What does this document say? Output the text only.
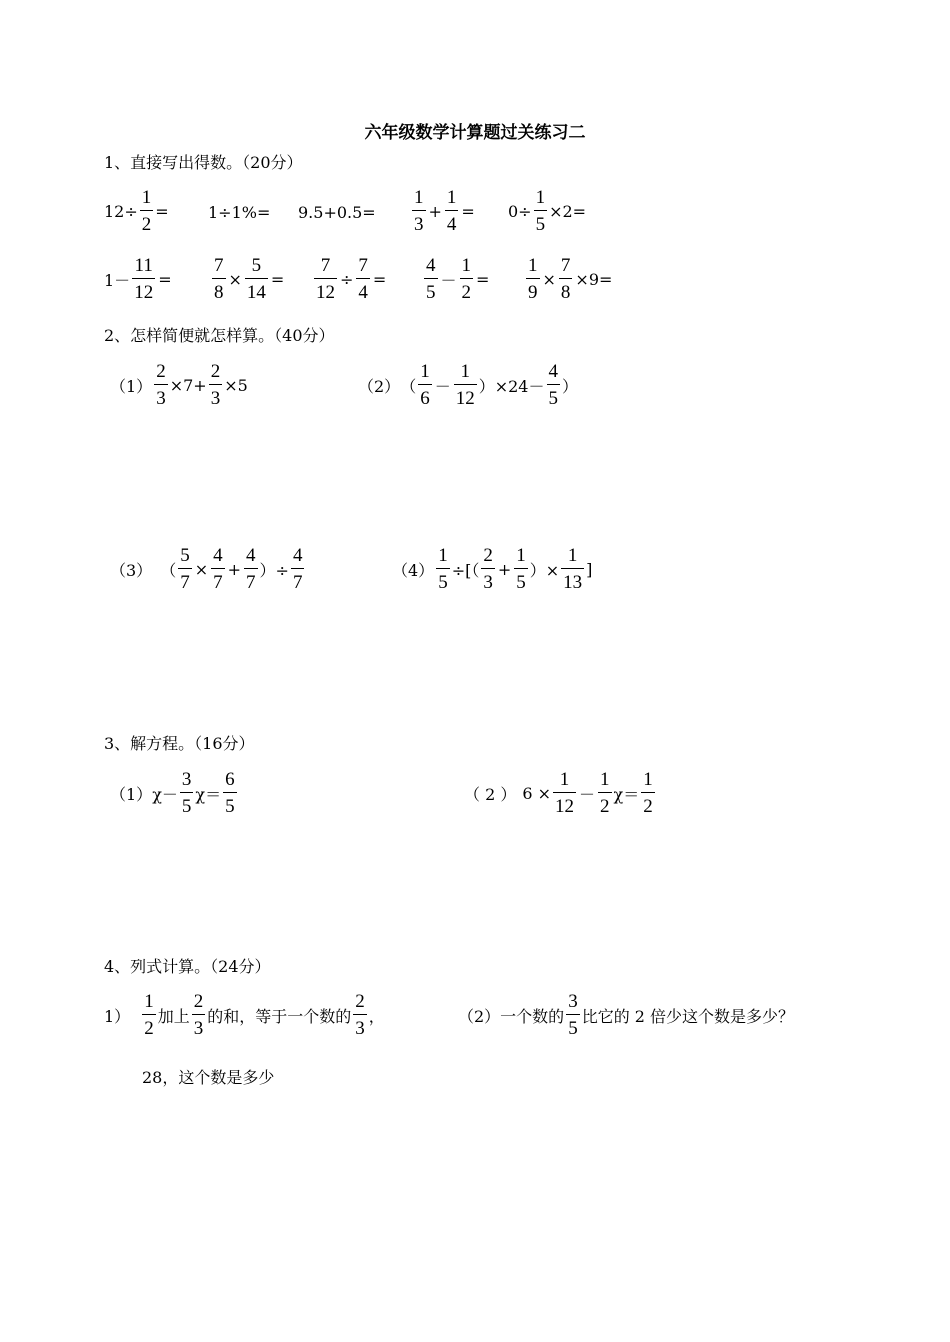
六年级数学计算题过关练习二
1、直接写出得数。（20分）
$12\div \frac{1}{2} = 1\div 1\%= 9.5+0.5= \frac{1}{3} + \frac{1}{4} = 0\div \frac{1}{5} \times 2=$
$1- \frac{11}{12} = \frac{7}{8} \times \frac{5}{14} = \frac{7}{12} \div \frac{7}{4} = \frac{4}{5} - \frac{1}{2} = \frac{1}{9} \times \frac{7}{8} \times 9=$
2、怎样简便就怎样算。（40分）
$(1) \frac{2}{3} \times 7+ \frac{2}{3} \times 5$	（2） （ $\frac{1}{6} - \frac{1}{12} )\times 24- \frac{4}{5}$ ）
（3） （ $\frac{5}{7} \times \frac{4}{7} + \frac{4}{7}$ ）÷ $\frac{4}{7}$	$(4) \frac{1}{5}$ ÷[（ $\frac{2}{3} + \frac{1}{5}$ ）× $\frac{1}{13}$ ]
3、解方程。（16分）
（1） $\chi- \frac{3}{5} \chi= \frac{6}{5}$	（ 2 ） $6 \times \frac{1}{12} - \frac{1}{2} \chi= \frac{1}{2}$
4、列式计算。（24分）
$1) \frac{1}{2}$ 加上 $\frac{2}{3}$ 的和，等于一个数的 $\frac{2}{3}$ ，	（2）一个数的 $\frac{3}{5}$ 比它的 2 倍少这个数是多少？
28，这个数是多少
